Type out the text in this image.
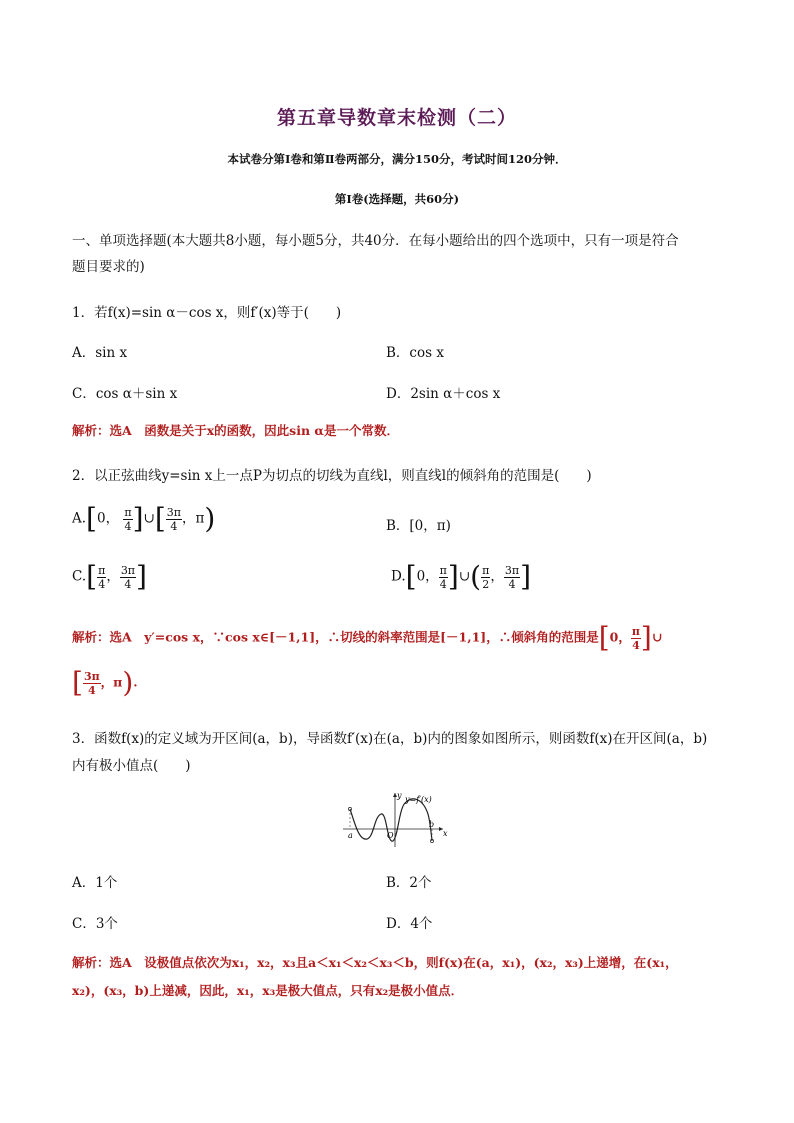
第五章导数章末检测（二）
本试卷分第Ⅰ卷和第Ⅱ卷两部分，满分150分，考试时间120分钟．
第Ⅰ卷(选择题，共60分)
一、单项选择题(本大题共8小题，每小题5分，共40分．在每小题给出的四个选项中，只有一项是符合
题目要求的)
1．若f(x)=sin α－cos x，则f′(x)等于(　　)
A．sin x	B．cos x
C．cos α＋sin x	D．2sin α＋cos x
解析：选A　函数是关于x的函数，因此sin α是一个常数．
2．以正弦曲线y=sin x上一点P为切点的切线为直线l，则直线l的倾斜角的范围是(　　)
A.[0， $\frac{\pi}{4}$ ]∪[ $\frac{3\pi}{4}$ ，π)	B．[0，π)
$C.[ \frac{\pi}{4}$ ， $\frac{3\pi}{4}$ ]	D.[0， $\frac{\pi}{4}$ ]∪( $\frac{\pi}{2}$ ， $\frac{3\pi}{4}$ ]
解析：选A　y′=cos x，∵cos x∈[－1,1]，∴切线的斜率范围是[－1,1]，∴倾斜角的范围是[0， $\frac{\pi}{4}$ ]∪
[ $\frac{3\pi}{4}$ ，π).
3．函数f(x)的定义域为开区间(a，b)，导函数f′(x)在(a，b)内的图象如图所示，则函数f(x)在开区间(a，b)
内有极小值点(　　)
y=f′(x)
y
x
a
b
O
A．1个	B．2个
C．3个	D．4个
解析：选A　设极值点依次为x₁，x₂，x₃且a＜x₁＜x₂＜x₃＜b，则f(x)在(a，x₁)，(x₂，x₃)上递增，在(x₁，
x₂)，(x₃，b)上递减，因此，x₁，x₃是极大值点，只有x₂是极小值点．
